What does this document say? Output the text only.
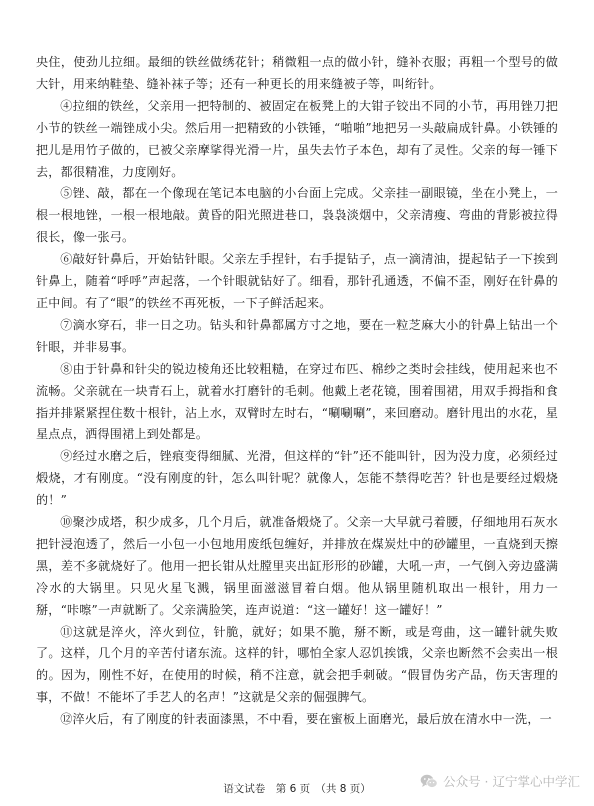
央住，使劲儿拉细。最细的铁丝做绣花针；稍微粗一点的做小针，缝补衣服；再粗一个型号的做大针，用来纳鞋垫、缝补袜子等；还有一种更长的用来缝被子等，叫绗针。

④拉细的铁丝，父亲用一把特制的、被固定在板凳上的大钳子铰出不同的小节，再用锉刀把小节的铁丝一端锉成小尖。然后用一把精致的小铁锤，“啪啪”地把另一头敲扁成针鼻。小铁锤的把儿是用竹子做的，已被父亲摩挲得光滑一片，虽失去竹子本色，却有了灵性。父亲的每一锤下去，都很精准，力度刚好。

⑤锉、敲，都在一个像现在笔记本电脑的小台面上完成。父亲挂一副眼镜，坐在小凳上，一根一根地锉，一根一根地敲。黄昏的阳光照进巷口，袅袅淡烟中，父亲清瘦、弯曲的背影被拉得很长，像一张弓。

⑥敲好针鼻后，开始钻针眼。父亲左手捏针，右手提钻子，点一滴清油，提起钻子一下挨到针鼻上，随着“呼呼”声起落，一个针眼就钻好了。细看，那针孔通透，不偏不歪，刚好在针鼻的正中间。有了“眼”的铁丝不再死板，一下子鲜活起来。

⑦滴水穿石，非一日之功。钻头和针鼻都属方寸之地，要在一粒芝麻大小的针鼻上钻出一个针眼，并非易事。

⑧由于针鼻和针尖的锐边棱角还比较粗糙，在穿过布匹、棉纱之类时会挂线，使用起来也不流畅。父亲就在一块青石上，就着水打磨针的毛刺。他戴上老花镜，围着围裙，用双手拇指和食指并排紧紧捏住数十根针，沾上水，双臂时左时右，“唰唰唰”，来回磨动。磨针甩出的水花，星星点点，洒得围裙上到处都是。

⑨经过水磨之后，锉痕变得细腻、光滑，但这样的“针”还不能叫针，因为没力度，必须经过煅烧，才有刚度。“没有刚度的针，怎么叫针呢？就像人，怎能不禁得吃苦？针也是要经过煅烧的！”

⑩聚沙成塔，积少成多，几个月后，就准备煅烧了。父亲一大早就弓着腰，仔细地用石灰水把针浸泡透了，然后一小包一小包地用废纸包缠好，并排放在煤炭灶中的砂罐里，一直烧到天擦黑，差不多就烧好了。他用一把长钳从灶膛里夹出缸形形的砂罐，大吼一声，一气倒入旁边盛满冷水的大锅里。只见火星飞溅，锅里面滋滋冒着白烟。他从锅里随机取出一根针，用力一掰，“咔嚓”一声就断了。父亲满脸笑，连声说道：“这一罐好！这一罐好！”

⑪这就是淬火，淬火到位，针脆，就好；如果不脆，掰不断，或是弯曲，这一罐针就失败了。这样，几个月的辛苦付诸东流。这样的针，哪怕全家人忍饥挨饿，父亲也断然不会卖出一根的。因为，刚性不好，在使用的时候，稍不注意，就会把手刺破。“假冒伪劣产品，伤天害理的事，不做！不能坏了手艺人的名声！”这就是父亲的倔强脾气。

⑫淬火后，有了刚度的针表面漆黑，不中看，要在蜜板上面磨光，最后放在清水中一洗，一

语文试卷　第 6 页　（共 8 页）	公众号 · 辽宁掌心中学汇
